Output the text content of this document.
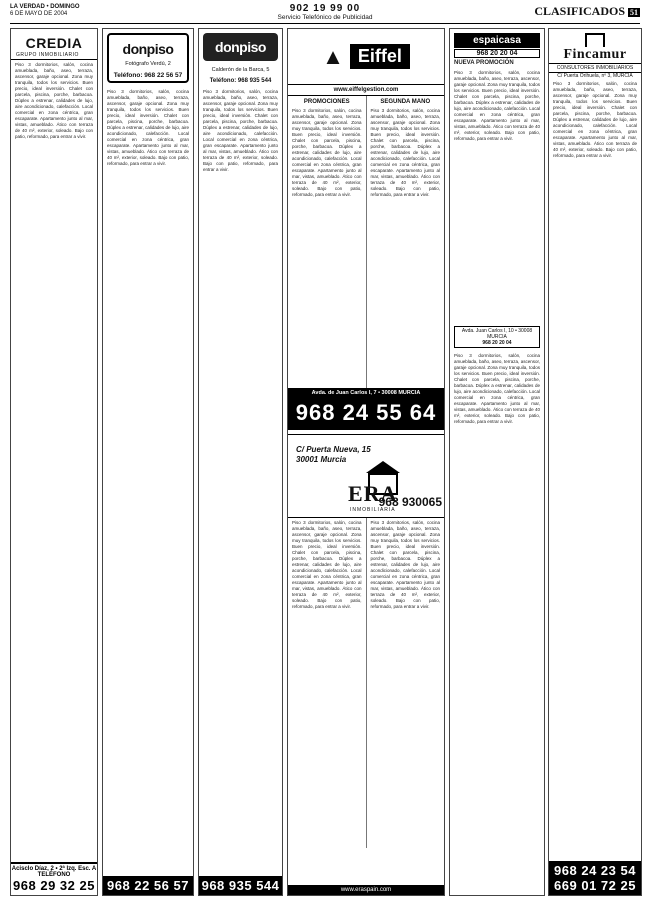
LA VERDAD • DOMINGO
6 DE MAYO DE 2004	902 19 99 00
Servicio Telefónico de Publicidad	CLASIFICADOS 51
CREDIA
GRUPO INMOBILIARIO
Piso 3 dormitorios, salón, cocina amueblada, baño, aseo, terraza, ascensor, garaje opcional. Zona muy tranquila, todos los servicios. Buen precio, ideal inversión. Chalet con parcela, piscina, porche, barbacoa. Dúplex a estrenar, calidades de lujo, aire acondicionado, calefacción. Local comercial en zona céntrica, gran escaparate. Apartamento junto al mar, vistas, amueblado. Ático con terraza de 40 m², exterior, soleado. Bajo con patio, reformado, para entrar a vivir.
Acisclo Díaz, 2 • 2ª Izq. Esc. A
TELÉFONO
968 29 32 25
donpiso
Fotógrafo Verdú, 2
Teléfono: 968 22 56 57
Piso 3 dormitorios, salón, cocina amueblada, baño, aseo, terraza, ascensor, garaje opcional. Zona muy tranquila, todos los servicios. Buen precio, ideal inversión. Chalet con parcela, piscina, porche, barbacoa. Dúplex a estrenar, calidades de lujo, aire acondicionado, calefacción. Local comercial en zona céntrica, gran escaparate. Apartamento junto al mar, vistas, amueblado. Ático con terraza de 40 m², exterior, soleado. Bajo con patio, reformado, para entrar a vivir.
968 22 56 57
donpiso
Calderón de la Barca, 5
Teléfono: 968 935 544
Piso 3 dormitorios, salón, cocina amueblada, baño, aseo, terraza, ascensor, garaje opcional. Zona muy tranquila, todos los servicios. Buen precio, ideal inversión. Chalet con parcela, piscina, porche, barbacoa. Dúplex a estrenar, calidades de lujo, aire acondicionado, calefacción. Local comercial en zona céntrica, gran escaparate. Apartamento junto al mar, vistas, amueblado. Ático con terraza de 40 m², exterior, soleado. Bajo con patio, reformado, para entrar a vivir.
968 935 544
▲ Eiffel
www.eiffelgestion.com
PROMOCIONES
Piso 3 dormitorios, salón, cocina amueblada, baño, aseo, terraza, ascensor, garaje opcional. Zona muy tranquila, todos los servicios. Buen precio, ideal inversión. Chalet con parcela, piscina, porche, barbacoa. Dúplex a estrenar, calidades de lujo, aire acondicionado, calefacción. Local comercial en zona céntrica, gran escaparate. Apartamento junto al mar, vistas, amueblado. Ático con terraza de 40 m², exterior, soleado. Bajo con patio, reformado, para entrar a vivir.
SEGUNDA MANO
Piso 3 dormitorios, salón, cocina amueblada, baño, aseo, terraza, ascensor, garaje opcional. Zona muy tranquila, todos los servicios. Buen precio, ideal inversión. Chalet con parcela, piscina, porche, barbacoa. Dúplex a estrenar, calidades de lujo, aire acondicionado, calefacción. Local comercial en zona céntrica, gran escaparate. Apartamento junto al mar, vistas, amueblado. Ático con terraza de 40 m², exterior, soleado. Bajo con patio, reformado, para entrar a vivir.
Avda. de Juan Carlos I, 7 • 30008 MURCIA
968 24 55 64
C/ Puerta Nueva, 15
30001 Murcia
ERA
INMOBILIARIA
968 930065
Piso 3 dormitorios, salón, cocina amueblada, baño, aseo, terraza, ascensor, garaje opcional. Zona muy tranquila, todos los servicios. Buen precio, ideal inversión. Chalet con parcela, piscina, porche, barbacoa. Dúplex a estrenar, calidades de lujo, aire acondicionado, calefacción. Local comercial en zona céntrica, gran escaparate. Apartamento junto al mar, vistas, amueblado. Ático con terraza de 40 m², exterior, soleado. Bajo con patio, reformado, para entrar a vivir.
Piso 3 dormitorios, salón, cocina amueblada, baño, aseo, terraza, ascensor, garaje opcional. Zona muy tranquila, todos los servicios. Buen precio, ideal inversión. Chalet con parcela, piscina, porche, barbacoa. Dúplex a estrenar, calidades de lujo, aire acondicionado, calefacción. Local comercial en zona céntrica, gran escaparate. Apartamento junto al mar, vistas, amueblado. Ático con terraza de 40 m², exterior, soleado. Bajo con patio, reformado, para entrar a vivir.
www.eraspain.com
espaicasa
968 20 20 04
NUEVA PROMOCIÓN
Piso 3 dormitorios, salón, cocina amueblada, baño, aseo, terraza, ascensor, garaje opcional. Zona muy tranquila, todos los servicios. Buen precio, ideal inversión. Chalet con parcela, piscina, porche, barbacoa. Dúplex a estrenar, calidades de lujo, aire acondicionado, calefacción. Local comercial en zona céntrica, gran escaparate. Apartamento junto al mar, vistas, amueblado. Ático con terraza de 40 m², exterior, soleado. Bajo con patio, reformado, para entrar a vivir.
Avda. Juan Carlos I, 10 • 30008 MURCIA
968 20 20 04
Piso 3 dormitorios, salón, cocina amueblada, baño, aseo, terraza, ascensor, garaje opcional. Zona muy tranquila, todos los servicios. Buen precio, ideal inversión. Chalet con parcela, piscina, porche, barbacoa. Dúplex a estrenar, calidades de lujo, aire acondicionado, calefacción. Local comercial en zona céntrica, gran escaparate. Apartamento junto al mar, vistas, amueblado. Ático con terraza de 40 m², exterior, soleado. Bajo con patio, reformado, para entrar a vivir.
Fincamur
CONSULTORES INMOBILIARIOS
C/ Puerta Orihuela, nº 3, MURCIA
Piso 3 dormitorios, salón, cocina amueblada, baño, aseo, terraza, ascensor, garaje opcional. Zona muy tranquila, todos los servicios. Buen precio, ideal inversión. Chalet con parcela, piscina, porche, barbacoa. Dúplex a estrenar, calidades de lujo, aire acondicionado, calefacción. Local comercial en zona céntrica, gran escaparate. Apartamento junto al mar, vistas, amueblado. Ático con terraza de 40 m², exterior, soleado. Bajo con patio, reformado, para entrar a vivir.
968 24 23 54
669 01 72 25
